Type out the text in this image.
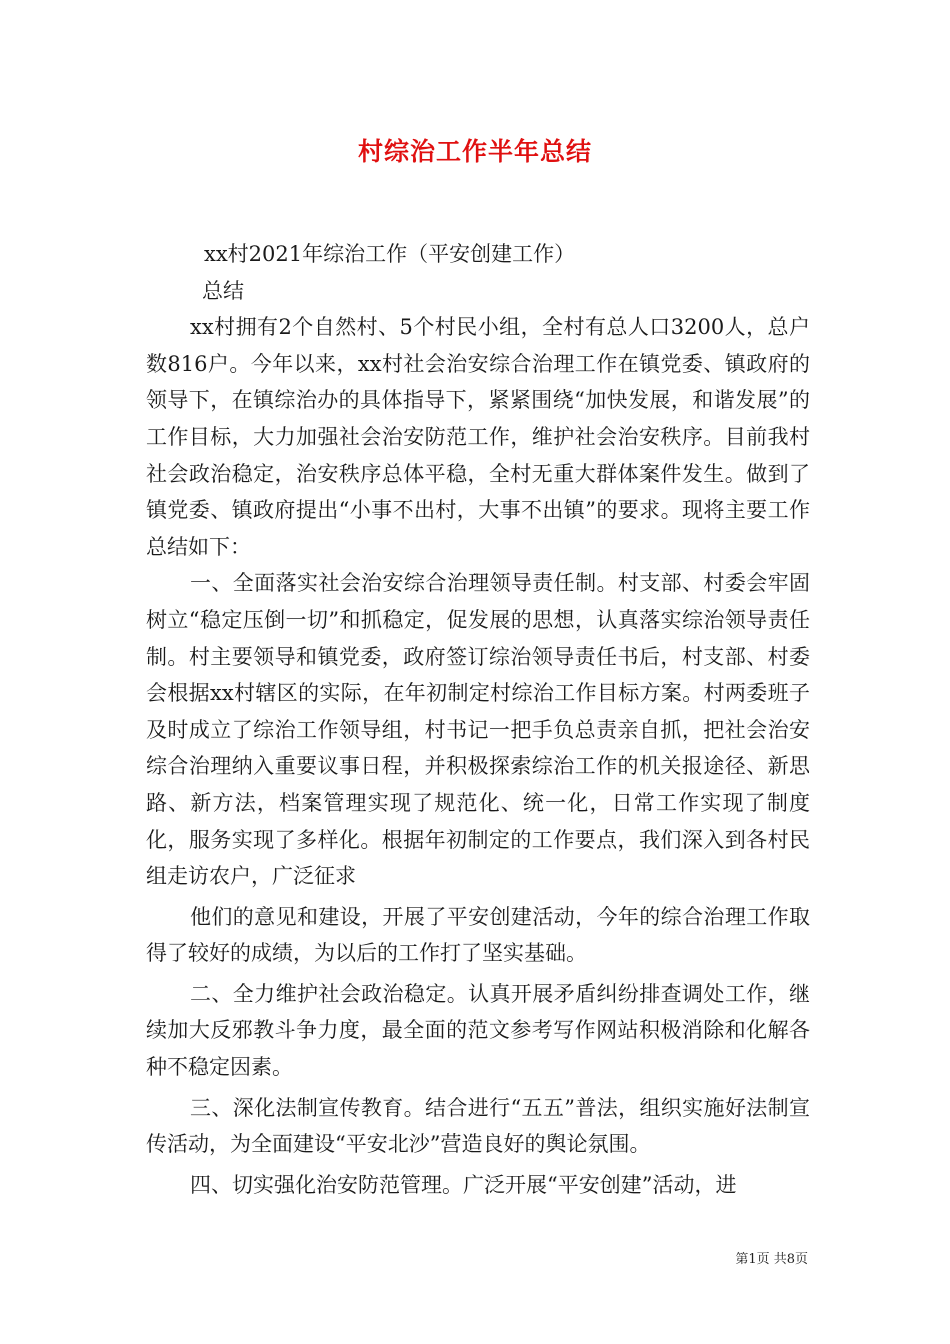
村综治工作半年总结

xx村2021年综治工作（平安创建工作）

总结

xx村拥有2个自然村、5个村民小组，全村有总人口3200人，总户数816户。今年以来，xx村社会治安综合治理工作在镇党委、镇政府的领导下，在镇综治办的具体指导下，紧紧围绕“加快发展，和谐发展”的工作目标，大力加强社会治安防范工作，维护社会治安秩序。目前我村社会政治稳定，治安秩序总体平稳，全村无重大群体案件发生。做到了镇党委、镇政府提出“小事不出村，大事不出镇”的要求。现将主要工作总结如下：

一、全面落实社会治安综合治理领导责任制。村支部、村委会牢固树立“稳定压倒一切”和抓稳定，促发展的思想，认真落实综治领导责任制。村主要领导和镇党委，政府签订综治领导责任书后，村支部、村委会根据xx村辖区的实际，在年初制定村综治工作目标方案。村两委班子及时成立了综治工作领导组，村书记一把手负总责亲自抓，把社会治安综合治理纳入重要议事日程，并积极探索综治工作的机关报途径、新思路、新方法，档案管理实现了规范化、统一化，日常工作实现了制度化，服务实现了多样化。根据年初制定的工作要点，我们深入到各村民组走访农户，广泛征求

他们的意见和建设，开展了平安创建活动，今年的综合治理工作取得了较好的成绩，为以后的工作打了坚实基础。

二、全力维护社会政治稳定。认真开展矛盾纠纷排查调处工作，继续加大反邪教斗争力度，最全面的范文参考写作网站积极消除和化解各种不稳定因素。

三、深化法制宣传教育。结合进行“五五”普法，组织实施好法制宣传活动，为全面建设“平安北沙”营造良好的舆论氛围。

四、切实强化治安防范管理。广泛开展“平安创建”活动，进

第1页 共8页
